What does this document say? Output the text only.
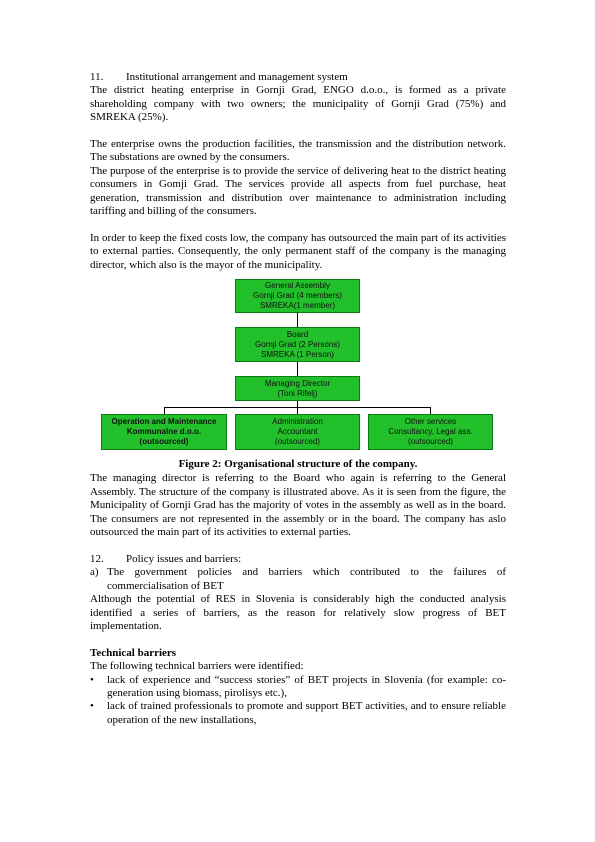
11.	Institutional arrangement and management system

The district heating enterprise in Gornji Grad, ENGO d.o.o., is formed as a private shareholding company with two owners; the municipality of Gornji Grad (75%) and SMREKA (25%).

The enterprise owns the production facilities, the transmission and the distribution network. The substations are owned by the consumers.

The purpose of the enterprise is to provide the service of delivering heat to the district heating consumers in Gomji Grad. The services provide all aspects from fuel purchase, heat generation, transmission and distribution over maintenance to administration including tariffing and billing of the consumers.

In order to keep the fixed costs low, the company has outsourced the main part of its activities to external parties. Consequently, the only permanent staff of the company is the managing director, which also is the mayor of the municipality.

The managing director is referring to the Board who again is referring to the General Assembly. The structure of the company is illustrated above. As it is seen from the figure, the Municipality of Gornji Grad has the majority of votes in the assembly as well as in the board. The consumers are not represented in the assembly or in the board. The company has aslo outsourced the main part of its activities to external parties.

12.	Policy issues and barriers:
a) The government policies and barriers which contributed to the failures of commercialisation of BET

Although the potential of RES in Slovenia is considerably high the conducted analysis identified a series of barriers, as the reason for relatively slow progress of BET implementation.

Technical barriers

The following technical barriers were identified:

•	lack of experience and “success stories” of BET projects in Slovenia (for example: co-generation using biomass, pirolisys etc.),
•	lack of trained professionals to promote and support BET activities, and to ensure reliable operation of the new installations,
General Assembly
Gornji Grad (4 members)
SMREKA(1 member)
Board
Gornji Grad (2 Persons)
SMREKA (1 Person)
Managing Director
(Toni Rifelj)
Operation and Maintenance
Kommunalne d.o.o.
(outsourced)
Administration
Accountant
(outsourced)
Other services
Consultancy, Legal ass.
(outsourced)
Figure 2: Organisational structure of the company.
